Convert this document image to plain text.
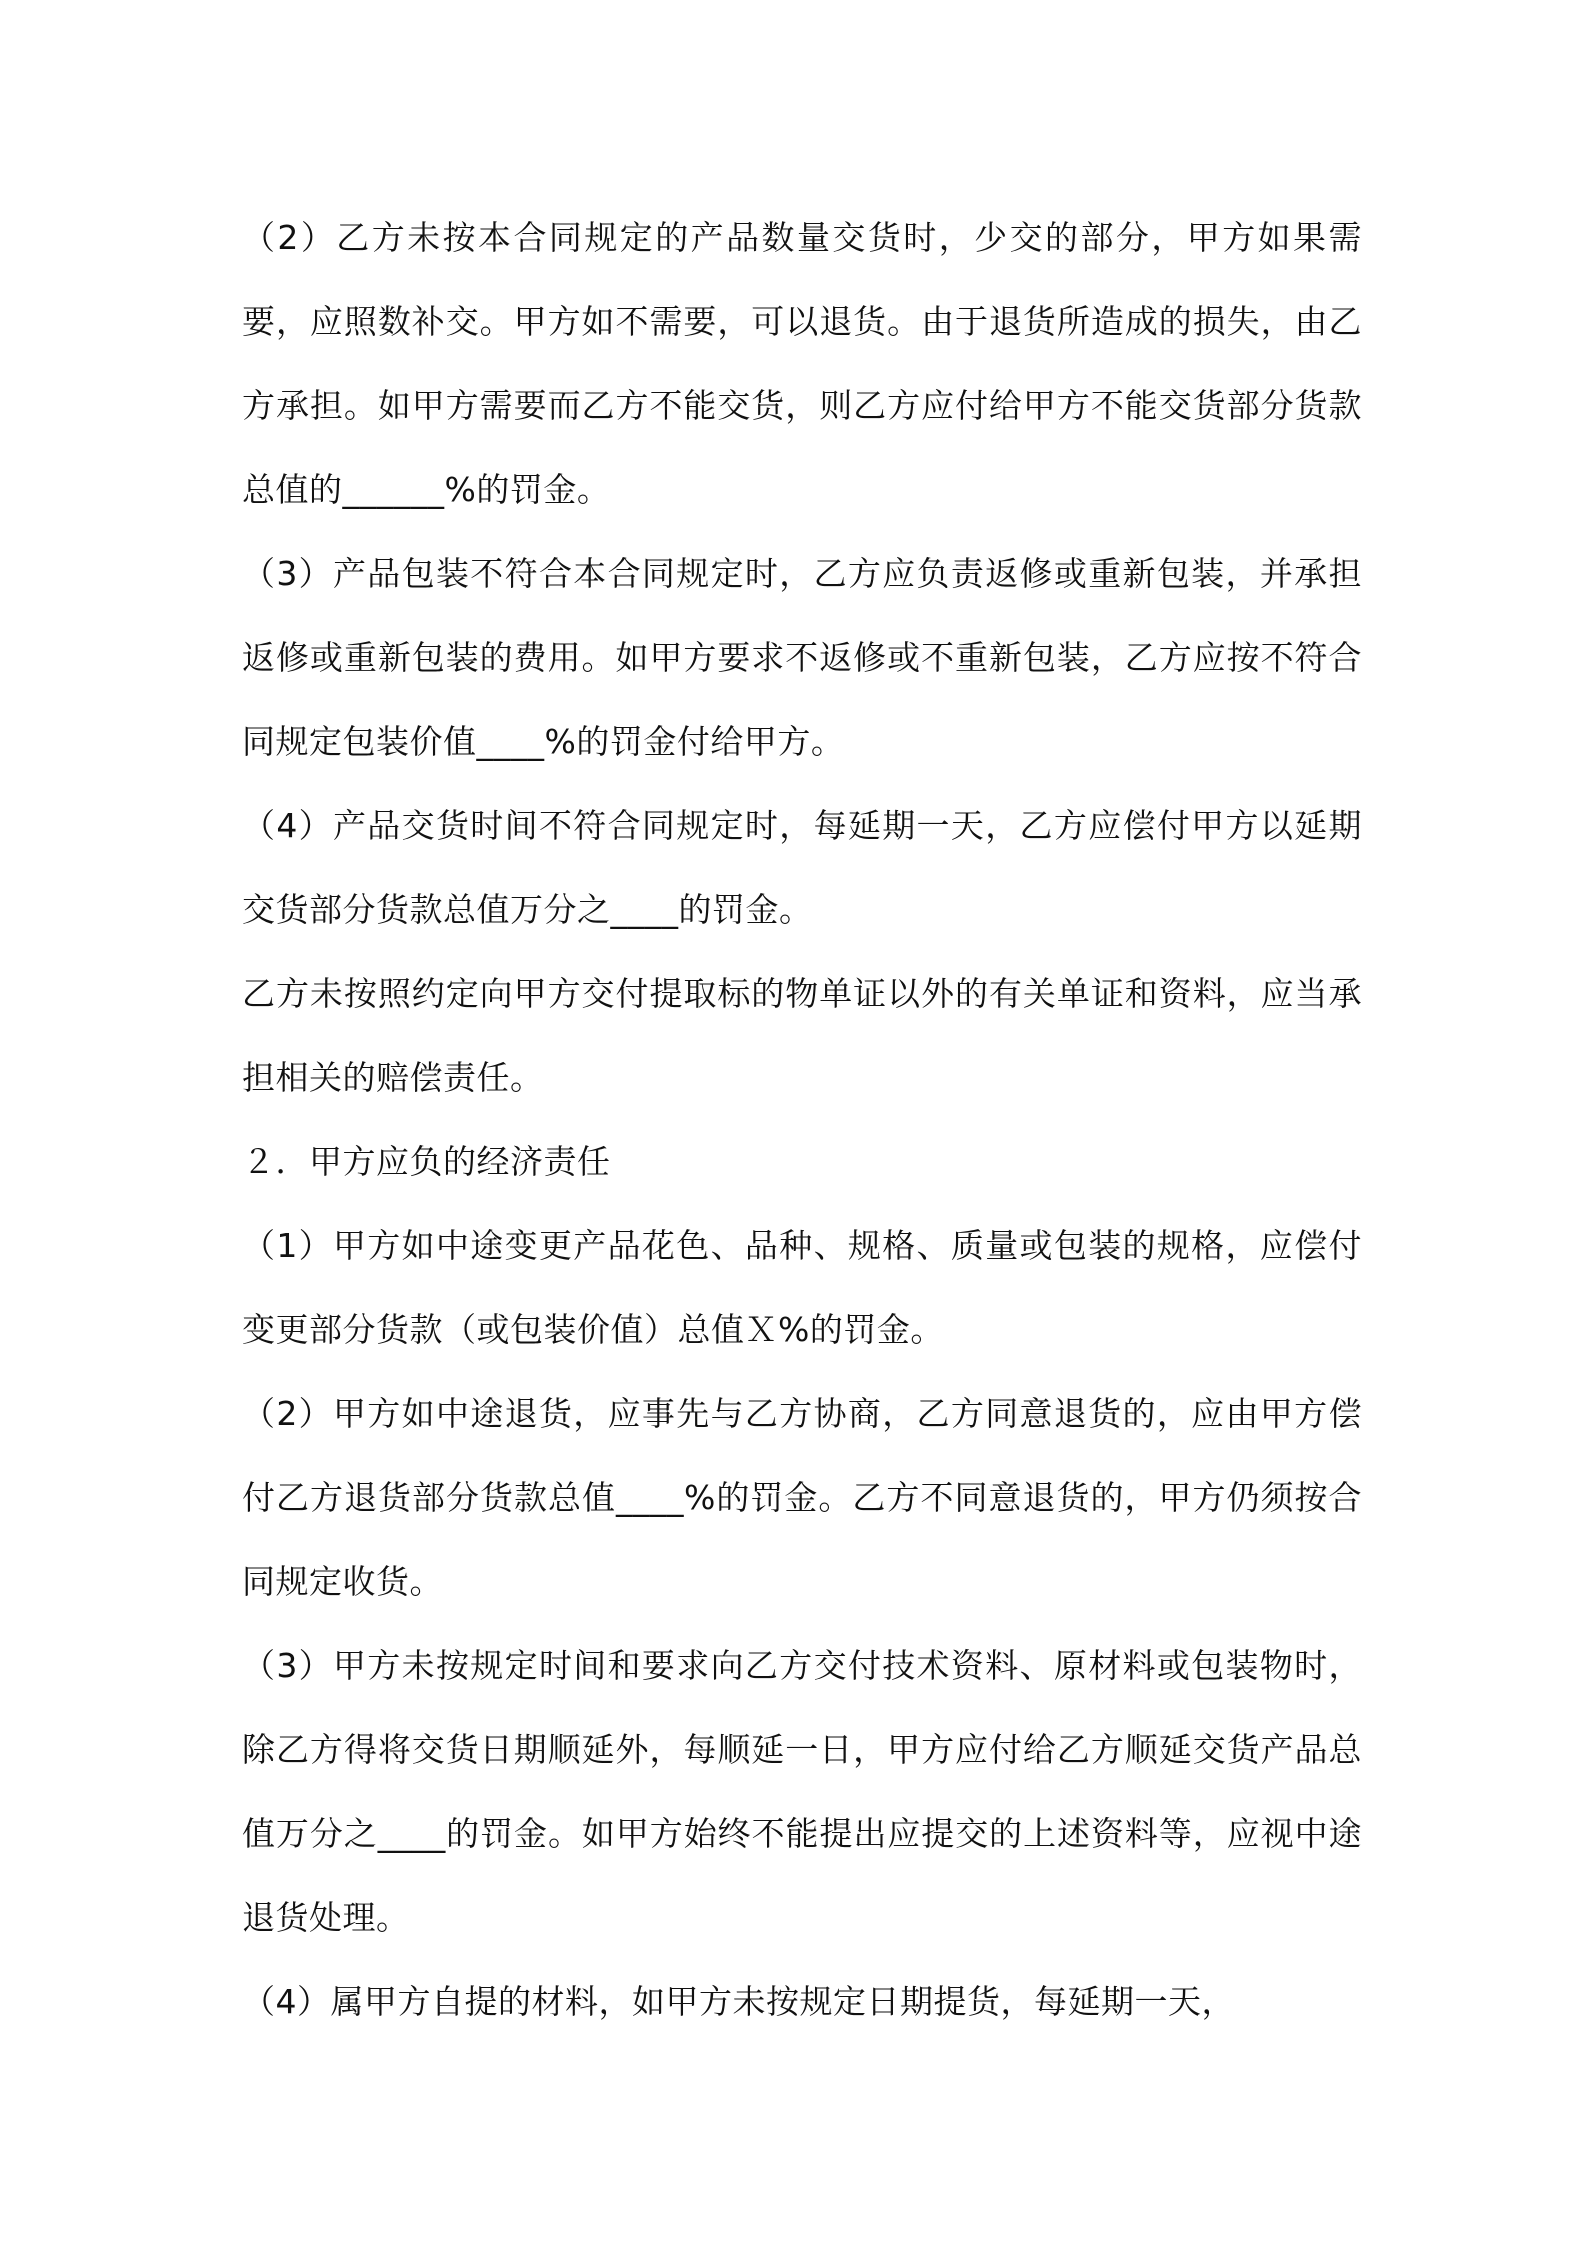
（2）乙方未按本合同规定的产品数量交货时，少交的部分，甲方如果需要，应照数补交。甲方如不需要，可以退货。由于退货所造成的损失，由乙方承担。如甲方需要而乙方不能交货，则乙方应付给甲方不能交货部分货款总值的______%的罚金。

（3）产品包装不符合本合同规定时，乙方应负责返修或重新包装，并承担返修或重新包装的费用。如甲方要求不返修或不重新包装，乙方应按不符合同规定包装价值____%的罚金付给甲方。

（4）产品交货时间不符合同规定时，每延期一天，乙方应偿付甲方以延期交货部分货款总值万分之____的罚金。

乙方未按照约定向甲方交付提取标的物单证以外的有关单证和资料，应当承担相关的赔偿责任。

２．甲方应负的经济责任

（1）甲方如中途变更产品花色、品种、规格、质量或包装的规格，应偿付变更部分货款（或包装价值）总值Ｘ%的罚金。

（2）甲方如中途退货，应事先与乙方协商，乙方同意退货的，应由甲方偿付乙方退货部分货款总值____%的罚金。乙方不同意退货的，甲方仍须按合同规定收货。

（3）甲方未按规定时间和要求向乙方交付技术资料、原材料或包装物时，除乙方得将交货日期顺延外，每顺延一日，甲方应付给乙方顺延交货产品总值万分之____的罚金。如甲方始终不能提出应提交的上述资料等，应视中途退货处理。

（4）属甲方自提的材料，如甲方未按规定日期提货，每延期一天，
